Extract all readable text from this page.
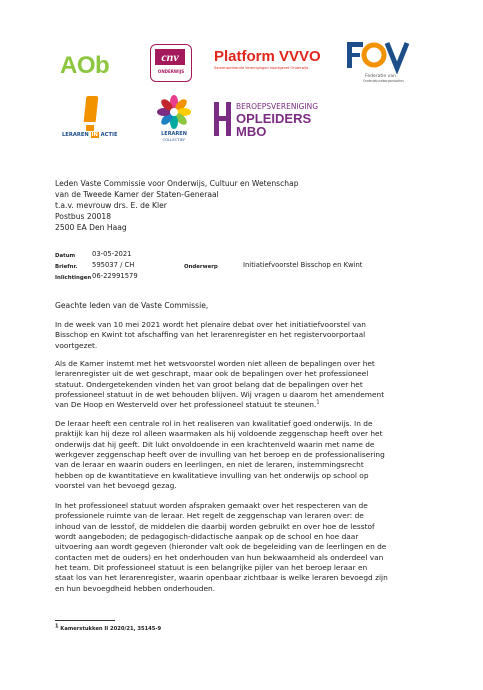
AOb	cnv
ONDERWIJS
Platform VVVO
Samenwerkende Verenigingen Voortgezet Onderwijs
Federatie van
Onderwijsvakorganisaties
LERAREN IN ACTIE	LERAREN
COLLECTIEF
BEROEPSVERENIGING
OPLEIDERS
MBO
Leden Vaste Commissie voor Onderwijs, Cultuur en Wetenschap
van de Tweede Kamer der Staten-Generaal
t.a.v. mevrouw drs. E. de Kler
Postbus 20018
2500 EA Den Haag
Datum 03-05-2021
Briefnr. 595037 / CH
Inlichtingen 06-22991579
Onderwerp	Initiatiefvoorstel Bisschop en Kwint
Geachte leden van de Vaste Commissie,
In de week van 10 mei 2021 wordt het plenaire debat over het initiatiefvoorstel van
Bisschop en Kwint tot afschaffing van het lerarenregister en het registervoorportaal
voortgezet.
Als de Kamer instemt met het wetsvoorstel worden niet alleen de bepalingen over het
lerarenregister uit de wet geschrapt, maar ook de bepalingen over het professioneel
statuut. Ondergetekenden vinden het van groot belang dat de bepalingen over het
professioneel statuut in de wet behouden blijven. Wij vragen u daarom het amendement
van De Hoop en Westerveld over het professioneel statuut te steunen.$^1$
De leraar heeft een centrale rol in het realiseren van kwalitatief goed onderwijs. In de
praktijk kan hij deze rol alleen waarmaken als hij voldoende zeggenschap heeft over het
onderwijs dat hij geeft. Dit lukt onvoldoende in een krachtenveld waarin met name de
werkgever zeggenschap heeft over de invulling van het beroep en de professionalisering
van de leraar en waarin ouders en leerlingen, en niet de leraren, instemmingsrecht
hebben op de kwantitatieve en kwalitatieve invulling van het onderwijs op school op
voorstel van het bevoegd gezag.
In het professioneel statuut worden afspraken gemaakt over het respecteren van de
professionele ruimte van de leraar. Het regelt de zeggenschap van leraren over: de
inhoud van de lesstof, de middelen die daarbij worden gebruikt en over hoe de lesstof
wordt aangeboden; de pedagogisch-didactische aanpak op de school en hoe daar
uitvoering aan wordt gegeven (hieronder valt ook de begeleiding van de leerlingen en de
contacten met de ouders) en het onderhouden van hun bekwaamheid als onderdeel van
het team. Dit professioneel statuut is een belangrijke pijler van het beroep leraar en
staat los van het lerarenregister, waarin openbaar zichtbaar is welke leraren bevoegd zijn
en hun bevoegdheid hebben onderhouden.
$^1$ Kamerstukken II 2020/21, 35145-9
